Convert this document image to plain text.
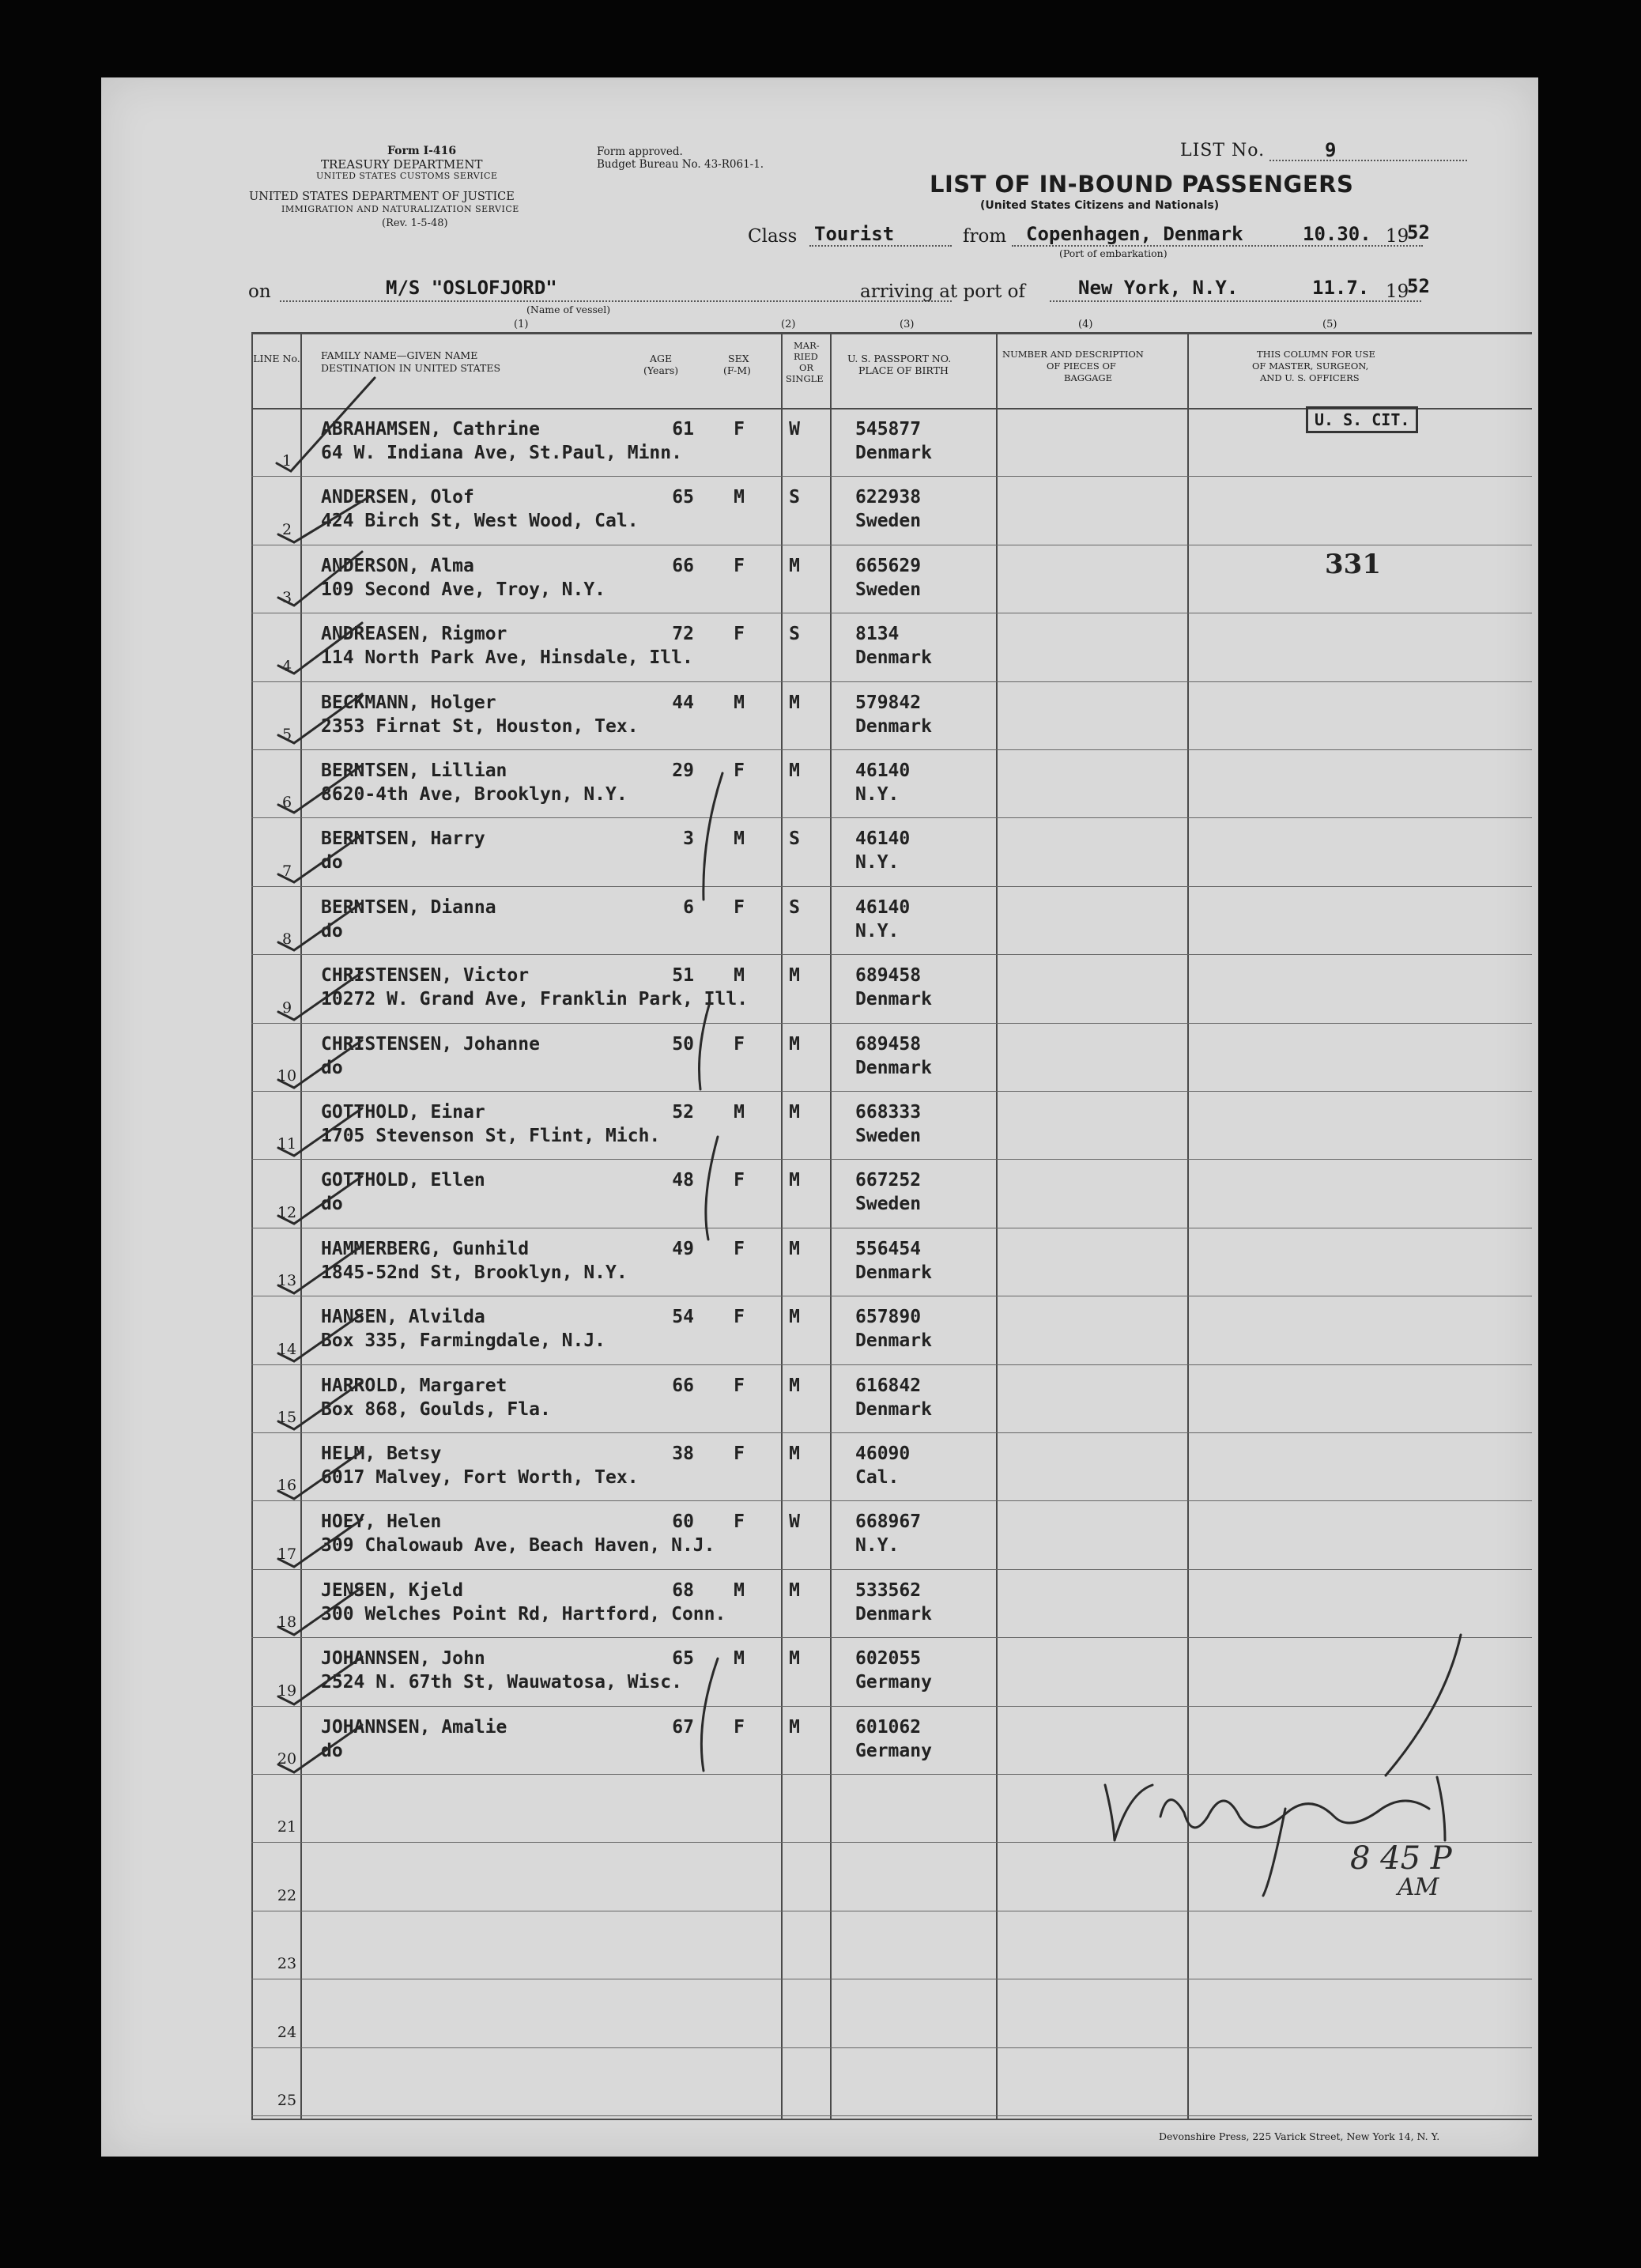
Form I-416
TREASURY DEPARTMENT
UNITED STATES CUSTOMS SERVICE
UNITED STATES DEPARTMENT OF JUSTICE
IMMIGRATION AND NATURALIZATION SERVICE
(Rev. 1-5-48)
Form approved.
Budget Bureau No. 43-R061-1.
LIST No.	9
LIST OF IN-BOUND PASSENGERS
(United States Citizens and Nationals)
Class Tourist	from Copenhagen, Denmark
(Port of embarkation)
10.30. 19
52
on	M/S "OSLOFJORD"
(Name of vessel)
arriving at port of	New York, N.Y.	11.7. 19
52
(1)	(2)	(3)	(4)	(5)
LINE No. FAMILY NAME—GIVEN NAME
DESTINATION IN UNITED STATES
AGE
(Years)
SEX
(F-M)
MAR-
RIED
OR
SINGLE
U. S. PASSPORT NO.
PLACE OF BIRTH
NUMBER AND DESCRIPTION
OF PIECES OF
BAGGAGE
THIS COLUMN FOR USE
OF MASTER, SURGEON,
AND U. S. OFFICERS
1
ABRAHAMSEN, Cathrine
64 W. Indiana Ave, St.Paul, Minn.
61	F	W	545877
Denmark
2
ANDERSEN, Olof
424 Birch St, West Wood, Cal.
65	M	S	622938
Sweden
3
ANDERSON, Alma
109 Second Ave, Troy, N.Y.
66	F	M	665629
Sweden
4
ANDREASEN, Rigmor
114 North Park Ave, Hinsdale, Ill.
72	F	S	8134
Denmark
5
BECKMANN, Holger
2353 Firnat St, Houston, Tex.
44	M	M	579842
Denmark
6
BERNTSEN, Lillian
8620-4th Ave, Brooklyn, N.Y.
29	F	M	46140
N.Y.
7
BERNTSEN, Harry
do
3	M	S	46140
N.Y.
8
BERNTSEN, Dianna
do
6	F	S	46140
N.Y.
9
CHRISTENSEN, Victor
10272 W. Grand Ave, Franklin Park, Ill.
51	M	M	689458
Denmark
10
CHRISTENSEN, Johanne
do
50	F	M	689458
Denmark
11
GOTTHOLD, Einar
1705 Stevenson St, Flint, Mich.
52	M	M	668333
Sweden
12
GOTTHOLD, Ellen
do
48	F	M	667252
Sweden
13
HAMMERBERG, Gunhild
1845-52nd St, Brooklyn, N.Y.
49	F	M	556454
Denmark
14
HANSEN, Alvilda
Box 335, Farmingdale, N.J.
54	F	M	657890
Denmark
15
HARROLD, Margaret
Box 868, Goulds, Fla.
66	F	M	616842
Denmark
16
HELM, Betsy
6017 Malvey, Fort Worth, Tex.
38	F	M	46090
Cal.
17
HOEY, Helen
309 Chalowaub Ave, Beach Haven, N.J.
60	F	W	668967
N.Y.
18
JENSEN, Kjeld
300 Welches Point Rd, Hartford, Conn.
68	M	M	533562
Denmark
19
JOHANNSEN, John
2524 N. 67th St, Wauwatosa, Wisc.
65	M	M	602055
Germany
20
JOHANNSEN, Amalie
do
67	F	M	601062
Germany
21
22
23
24
25
U. S. CIT.
331
8 45 P
AM
Devonshire Press, 225 Varick Street, New York 14, N. Y.
